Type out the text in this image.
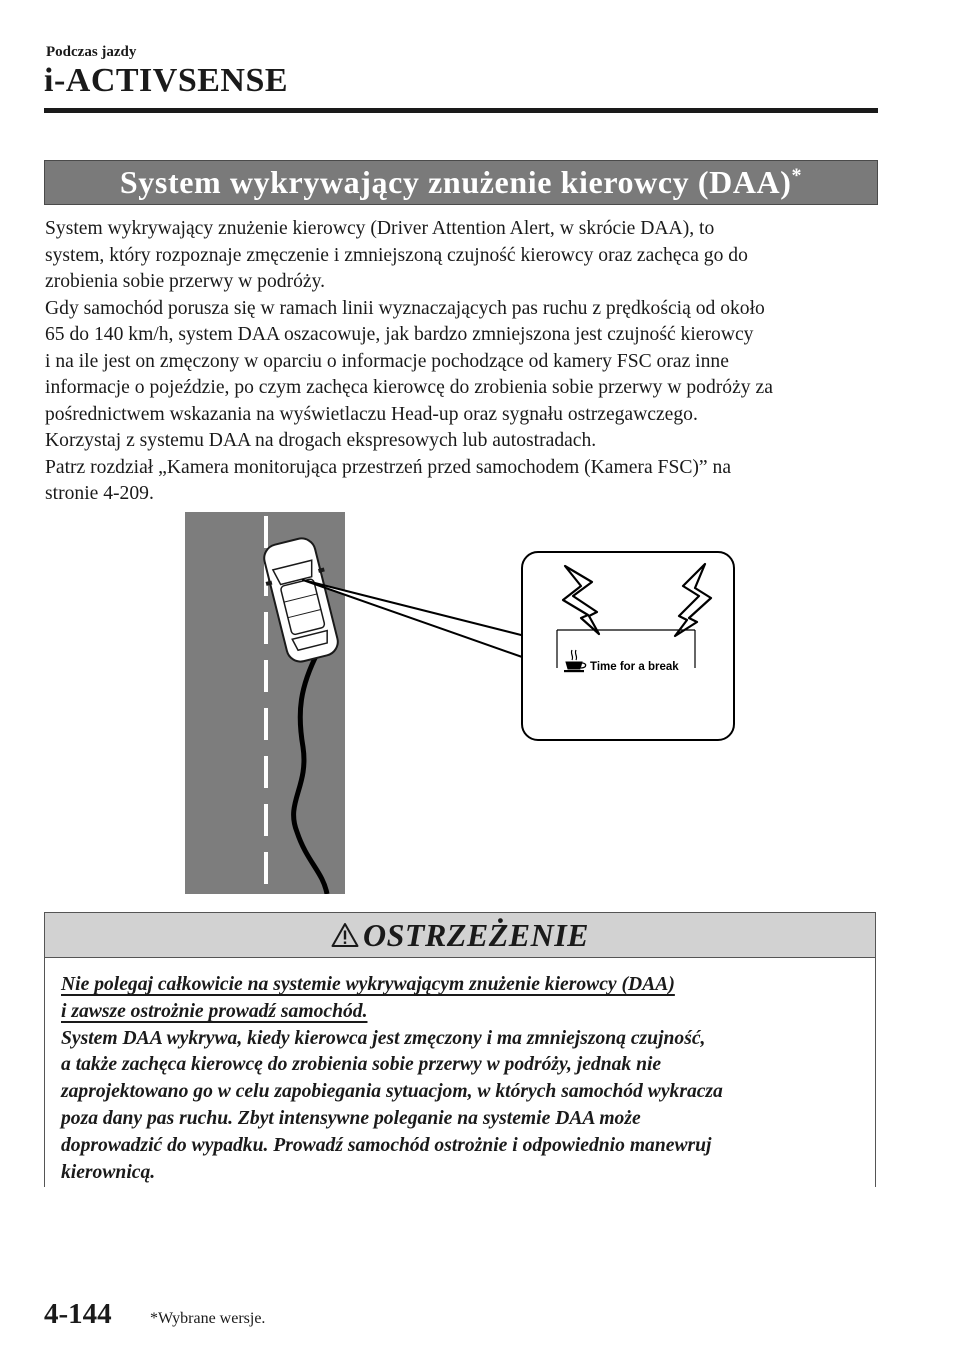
Podczas jazdy
i-ACTIVSENSE
System wykrywający znużenie kierowcy (DAA)*

System wykrywający znużenie kierowcy (Driver Attention Alert, w skrócie DAA), to

system, który rozpoznaje zmęczenie i zmniejszoną czujność kierowcy oraz zachęca go do

zrobienia sobie przerwy w podróży.

Gdy samochód porusza się w ramach linii wyznaczających pas ruchu z prędkością od około

65 do 140 km/h, system DAA oszacowuje, jak bardzo zmniejszona jest czujność kierowcy

i na ile jest on zmęczony w oparciu o informacje pochodzące od kamery FSC oraz inne

informacje o pojeździe, po czym zachęca kierowcę do zrobienia sobie przerwy w podróży za

pośrednictwem wskazania na wyświetlaczu Head-up oraz sygnału ostrzegawczego.

Korzystaj z systemu DAA na drogach ekspresowych lub autostradach.

Patrz rozdział „Kamera monitorująca przestrzeń przed samochodem (Kamera FSC)” na

stronie 4-209.

Time for a break
OSTRZEŻENIE

Nie polegaj całkowicie na systemie wykrywającym znużenie kierowcy (DAA)

i zawsze ostrożnie prowadź samochód.

System DAA wykrywa, kiedy kierowca jest zmęczony i ma zmniejszoną czujność,

a także zachęca kierowcę do zrobienia sobie przerwy w podróży, jednak nie

zaprojektowano go w celu zapobiegania sytuacjom, w których samochód wykracza

poza dany pas ruchu. Zbyt intensywne poleganie na systemie DAA może

doprowadzić do wypadku. Prowadź samochód ostrożnie i odpowiednio manewruj

kierownicą.

4-144 *Wybrane wersje.
